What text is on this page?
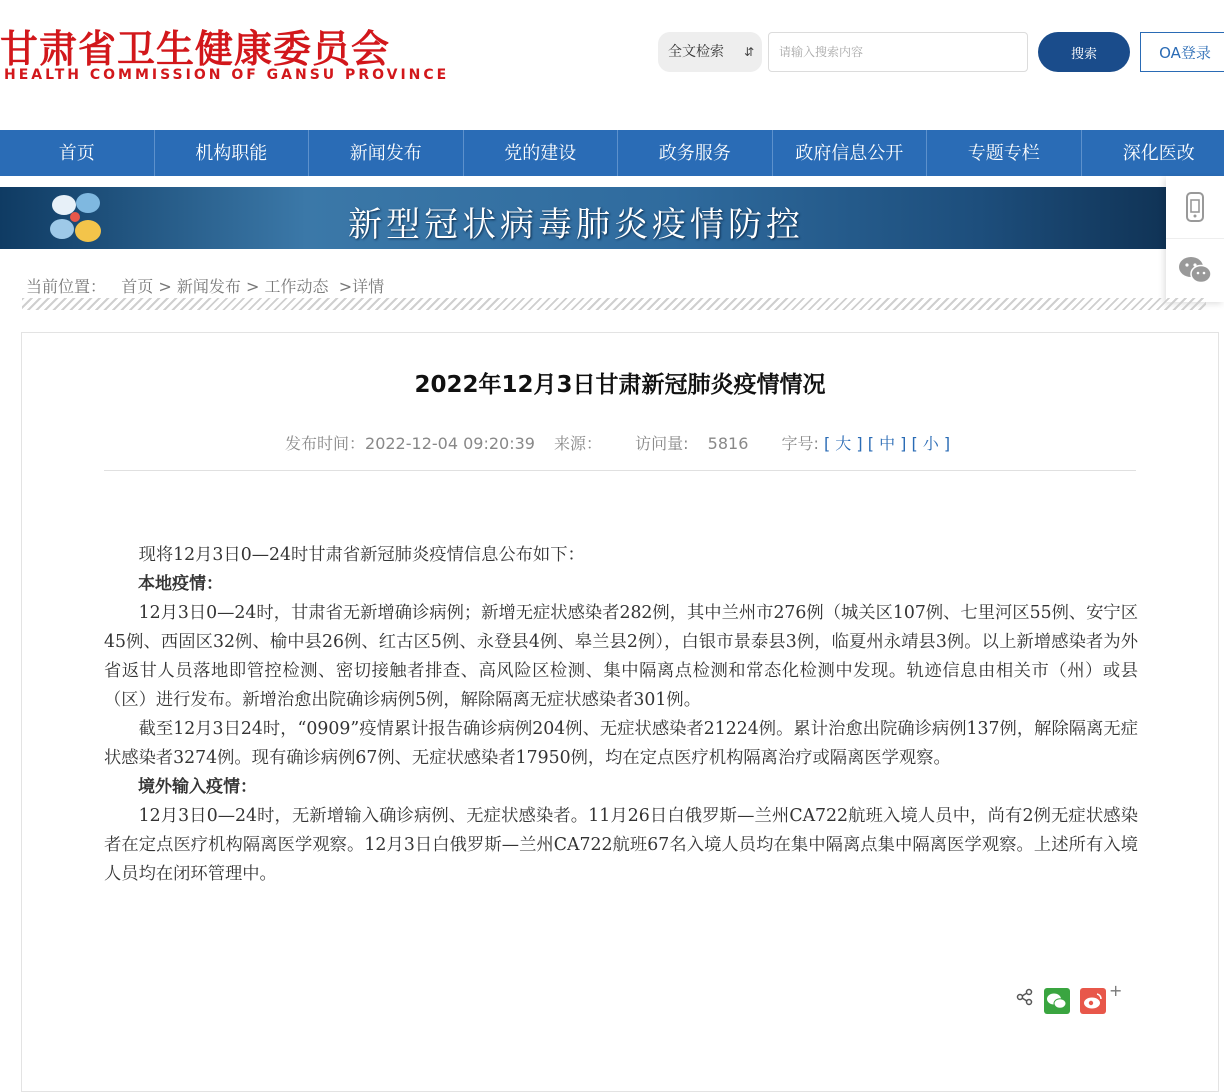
甘肃省卫生健康委员会
HEALTH COMMISSION OF GANSU PROVINCE
全文检索 ⇵
请输入搜索内容	搜索	OA登录
首页	机构职能	新闻发布	党的建设	政务服务	政府信息公开	专题专栏	深化医改
新型冠状病毒肺炎疫情防控
当前位置： 首页 > 新闻发布 > 工作动态 >详情
2022年12月3日甘肃新冠肺炎疫情情况
发布时间：2022-12-04 09:20:39 来源： 访问量: 5816 字号: [ 大 ] [ 中 ] [ 小 ]

现将12月3日0—24时甘肃省新冠肺炎疫情信息公布如下：

本地疫情：

12月3日0—24时，甘肃省无新增确诊病例；新增无症状感染者282例，其中兰州市276例（城关区107例、七里河区55例、安宁区45例、西固区32例、榆中县26例、红古区5例、永登县4例、皋兰县2例），白银市景泰县3例，临夏州永靖县3例。以上新增感染者为外省返甘人员落地即管控检测、密切接触者排查、高风险区检测、集中隔离点检测和常态化检测中发现。轨迹信息由相关市（州）或县（区）进行发布。新增治愈出院确诊病例5例，解除隔离无症状感染者301例。

截至12月3日24时，“0909”疫情累计报告确诊病例204例、无症状感染者21224例。累计治愈出院确诊病例137例，解除隔离无症状感染者3274例。现有确诊病例67例、无症状感染者17950例，均在定点医疗机构隔离治疗或隔离医学观察。

境外输入疫情：

12月3日0—24时，无新增输入确诊病例、无症状感染者。11月26日白俄罗斯—兰州CA722航班入境人员中，尚有2例无症状感染者在定点医疗机构隔离医学观察。12月3日白俄罗斯—兰州CA722航班67名入境人员均在集中隔离点集中隔离医学观察。上述所有入境人员均在闭环管理中。

+
